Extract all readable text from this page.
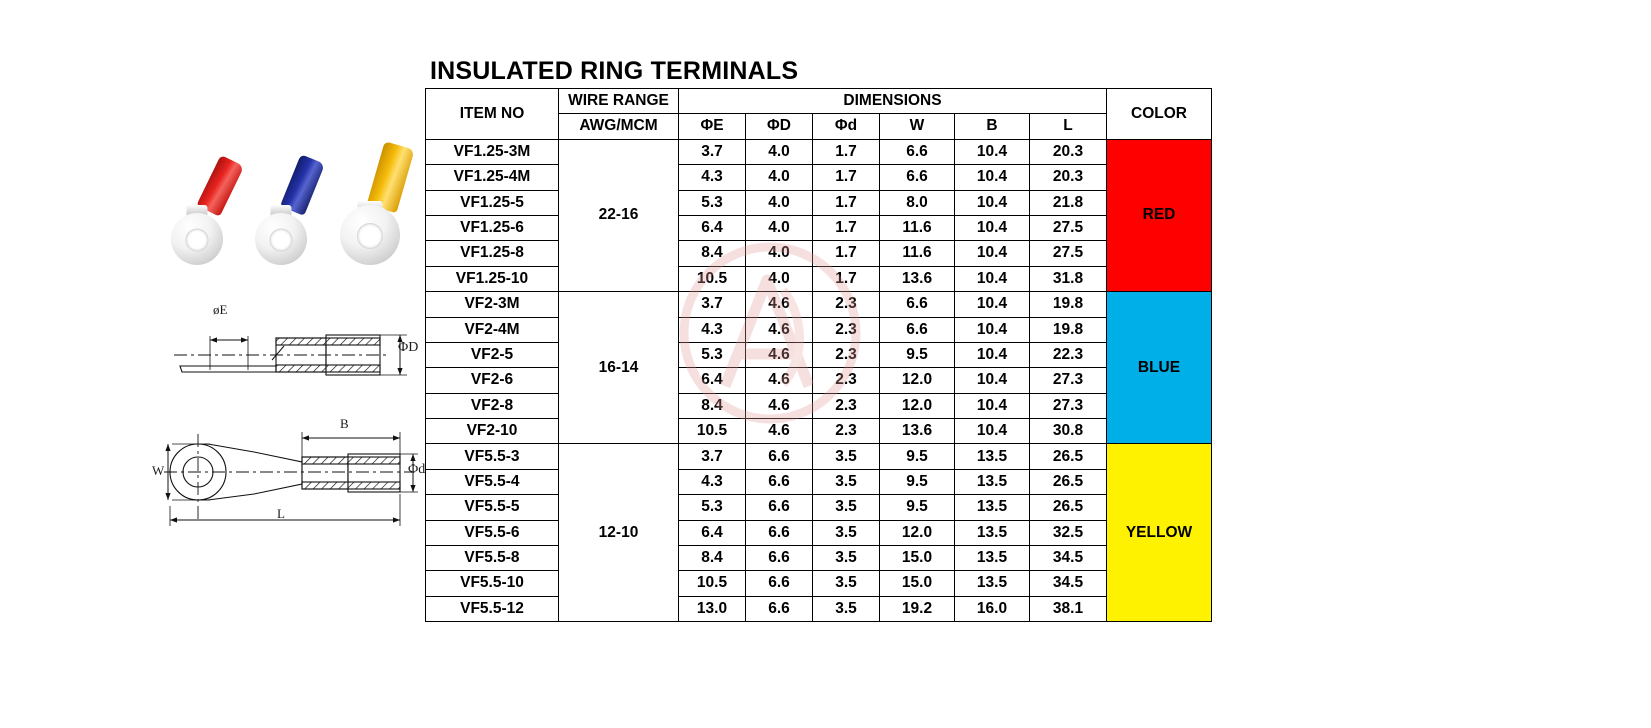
øE
ΦD
B
W	Φd
L
INSULATED RING TERMINALS
ITEM NO	WIRE RANGE	DIMENSIONS						COLOR
	AWG/MCM	ΦE	ΦD	Φd	W	B	L	
VF1.25-3M	22-16	3.7	4.0	1.7	6.6	10.4	20.3	RED
VF1.25-4M		4.3	4.0	1.7	6.6	10.4	20.3	
VF1.25-5		5.3	4.0	1.7	8.0	10.4	21.8	
VF1.25-6		6.4	4.0	1.7	11.6	10.4	27.5	
VF1.25-8		8.4	4.0	1.7	11.6	10.4	27.5	
VF1.25-10		10.5	4.0	1.7	13.6	10.4	31.8	
VF2-3M	16-14	3.7	4.6	2.3	6.6	10.4	19.8	BLUE
VF2-4M		4.3	4.6	2.3	6.6	10.4	19.8	
VF2-5		5.3	4.6	2.3	9.5	10.4	22.3	
VF2-6		6.4	4.6	2.3	12.0	10.4	27.3	
VF2-8		8.4	4.6	2.3	12.0	10.4	27.3	
VF2-10		10.5	4.6	2.3	13.6	10.4	30.8	
VF5.5-3	12-10	3.7	6.6	3.5	9.5	13.5	26.5	YELLOW
VF5.5-4		4.3	6.6	3.5	9.5	13.5	26.5	
VF5.5-5		5.3	6.6	3.5	9.5	13.5	26.5	
VF5.5-6		6.4	6.6	3.5	12.0	13.5	32.5	
VF5.5-8		8.4	6.6	3.5	15.0	13.5	34.5	
VF5.5-10		10.5	6.6	3.5	15.0	13.5	34.5	
VF5.5-12		13.0	6.6	3.5	19.2	16.0	38.1	
